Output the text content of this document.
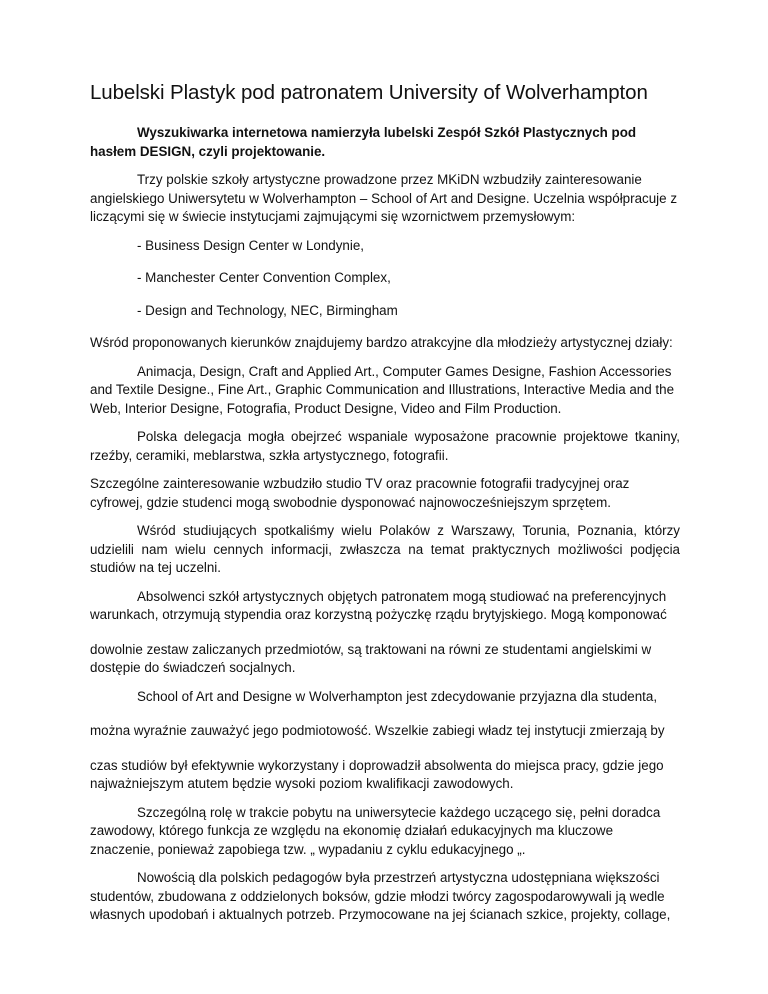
Lubelski Plastyk pod patronatem University of Wolverhampton

Wyszukiwarka internetowa namierzyła lubelski Zespół Szkół Plastycznych pod hasłem DESIGN, czyli projektowanie.

Trzy polskie szkoły artystyczne prowadzone przez MKiDN wzbudziły zainteresowanie angielskiego Uniwersytetu w Wolverhampton – School of Art and Designe. Uczelnia współpracuje z liczącymi się w świecie instytucjami zajmującymi się wzornictwem przemysłowym:

- Business Design Center w Londynie,

- Manchester Center Convention Complex,

- Design and Technology, NEC, Birmingham

Wśród proponowanych kierunków znajdujemy bardzo atrakcyjne dla młodzieży artystycznej działy:

Animacja, Design, Craft and Applied Art., Computer Games Designe, Fashion Accessories and Textile Designe., Fine Art., Graphic Communication and Illustrations, Interactive Media and the Web, Interior Designe, Fotografia, Product Designe, Video and Film Production.

Polska delegacja mogła obejrzeć wspaniale wyposażone pracownie projektowe tkaniny, rzeźby, ceramiki, meblarstwa, szkła artystycznego, fotografii.

Szczególne zainteresowanie wzbudziło studio TV oraz pracownie fotografii tradycyjnej oraz cyfrowej, gdzie studenci mogą swobodnie dysponować najnowocześniejszym sprzętem.

Wśród studiujących spotkaliśmy wielu Polaków z Warszawy, Torunia, Poznania, którzy udzielili nam wielu cennych informacji, zwłaszcza na temat praktycznych możliwości podjęcia studiów na tej uczelni.

Absolwenci szkół artystycznych objętych patronatem mogą studiować na preferencyjnych warunkach, otrzymują stypendia oraz korzystną pożyczkę rządu brytyjskiego. Mogą komponować

dowolnie zestaw zaliczanych przedmiotów, są traktowani na równi ze studentami angielskimi w dostępie do świadczeń socjalnych.

School of Art and Designe w Wolverhampton jest zdecydowanie przyjazna dla studenta,

można wyraźnie zauważyć jego podmiotowość. Wszelkie zabiegi władz tej instytucji zmierzają by

czas studiów był efektywnie wykorzystany i doprowadził absolwenta do miejsca pracy, gdzie jego najważniejszym atutem będzie wysoki poziom kwalifikacji zawodowych.

Szczególną rolę w trakcie pobytu na uniwersytecie każdego uczącego się, pełni doradca zawodowy, którego funkcja ze względu na ekonomię działań edukacyjnych ma kluczowe znaczenie, ponieważ zapobiega tzw. „ wypadaniu z cyklu edukacyjnego „.

Nowością dla polskich pedagogów była przestrzeń artystyczna udostępniana większości studentów, zbudowana z oddzielonych boksów, gdzie młodzi twórcy zagospodarowywali ją wedle własnych upodobań i aktualnych potrzeb. Przymocowane na jej ścianach szkice, projekty, collage,
